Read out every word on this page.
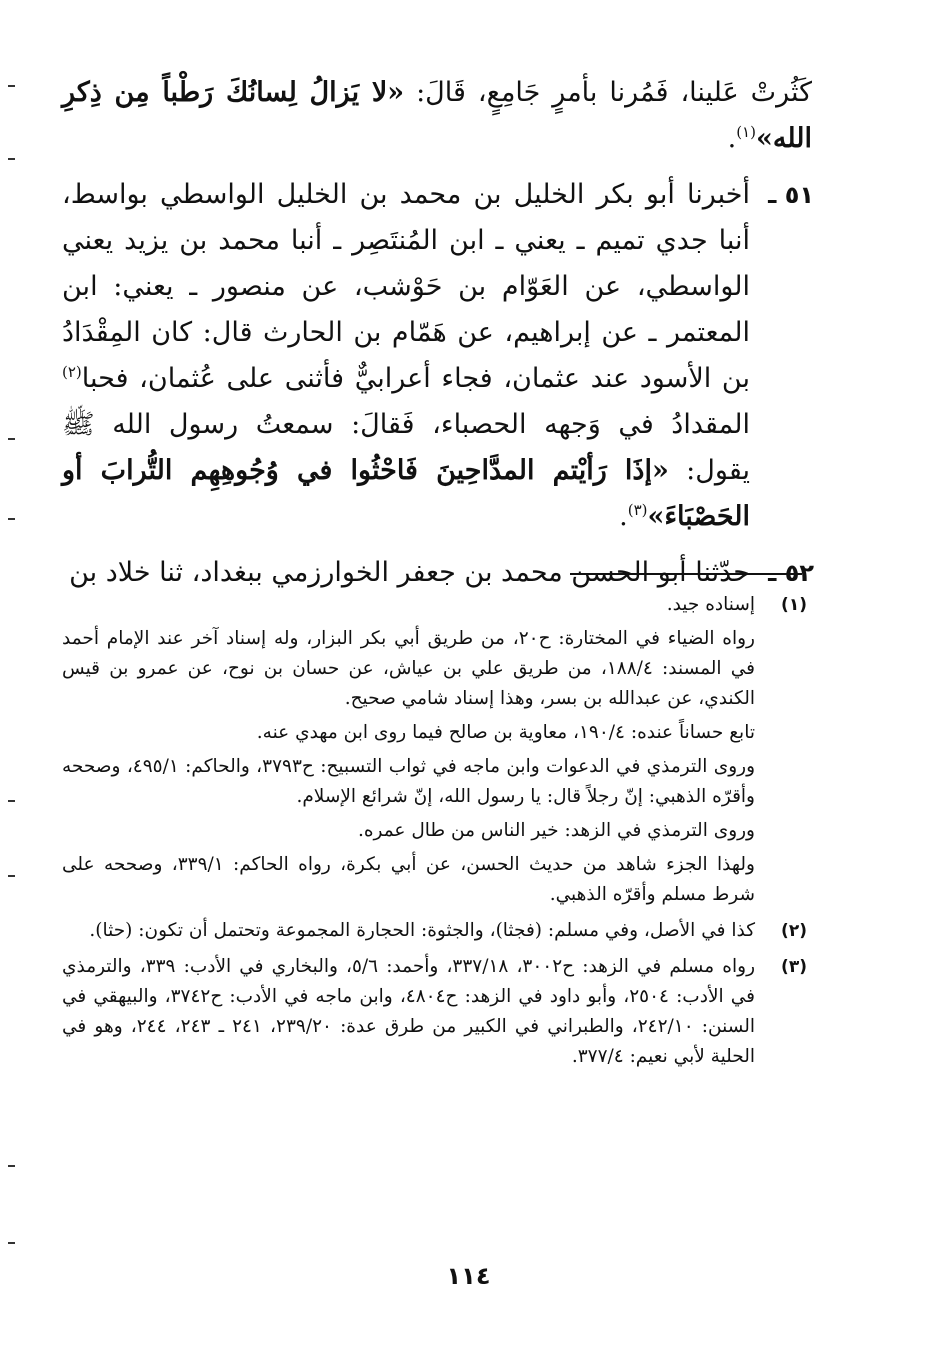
كَثُرتْ عَلينا، فَمُرنا بأمرٍ جَامِعٍ، قَالَ: «لا يَزالُ لِسانُكَ رَطْباً مِن ذِكرِ الله»$^{(١)}$.

٥١ ـ
أخبرنا أبو بكر الخليل بن محمد بن الخليل الواسطي بواسط، أنبا جدي تميم ـ يعني ـ ابن المُنتَصِر ـ أنبا محمد بن يزيد يعني الواسطي، عن العَوّام بن حَوْشب، عن منصور ـ يعني: ابن المعتمر ـ عن إبراهيم، عن هَمّام بن الحارث قال: كان المِقْدَادُ بن الأسود عند عثمان، فجاء أعرابيٌّ فأثنى على عُثمان، فحبا$^{(٢)}$ المقدادُ في وَجهه الحصباء، فَقالَ: سمعتُ رسول الله ﷺ يقول: «إذَا رَأيْتم المدَّاحِينَ فَاحْثُوا في وُجُوهِهِم التُّرابَ أو الحَصْبَاءَ»$^{(٣)}$.

٥٢ ـ
حدّثنا أبو الحسن محمد بن جعفر الخوارزمي ببغداد، ثنا خلاد بن

(١)

إسناده جيد.

رواه الضياء في المختارة: ح٢٠، من طريق أبي بكر البزار، وله إسناد آخر عند الإمام أحمد في المسند: ١٨٨/٤، من طريق علي بن عياش، عن حسان بن نوح، عن عمرو بن قيس الكندي، عن عبدالله بن بسر، وهذا إسناد شامي صحيح.

تابع حساناً عنده: ١٩٠/٤، معاوية بن صالح فيما روى ابن مهدي عنه.

وروى الترمذي في الدعوات وابن ماجه في ثواب التسبيح: ح٣٧٩٣، والحاكم: ٤٩٥/١، وصححه وأقرّه الذهبي: إنّ رجلاً قال: يا رسول الله، إنّ شرائع الإسلام.

وروى الترمذي في الزهد: خير الناس من طال عمره.

ولهذا الجزء شاهد من حديث الحسن، عن أبي بكرة، رواه الحاكم: ٣٣٩/١، وصححه على شرط مسلم وأقرّه الذهبي.

(٢)

كذا في الأصل، وفي مسلم: (فجثا)، والجثوة: الحجارة المجموعة وتحتمل أن تكون: (حثا).

(٣)

رواه مسلم في الزهد: ح٣٠٠٢، ٣٣٧/١٨، وأحمد: ٥/٦، والبخاري في الأدب: ٣٣٩، والترمذي في الأدب: ٢٥٠٤، وأبو داود في الزهد: ح٤٨٠٤، وابن ماجه في الأدب: ح٣٧٤٢، والبيهقي في السنن: ٢٤٢/١٠، والطبراني في الكبير من طرق عدة: ٢٣٩/٢٠، ٢٤١ ـ ٢٤٣، ٢٤٤، وهو في الحلية لأبي نعيم: ٣٧٧/٤.

١١٤
